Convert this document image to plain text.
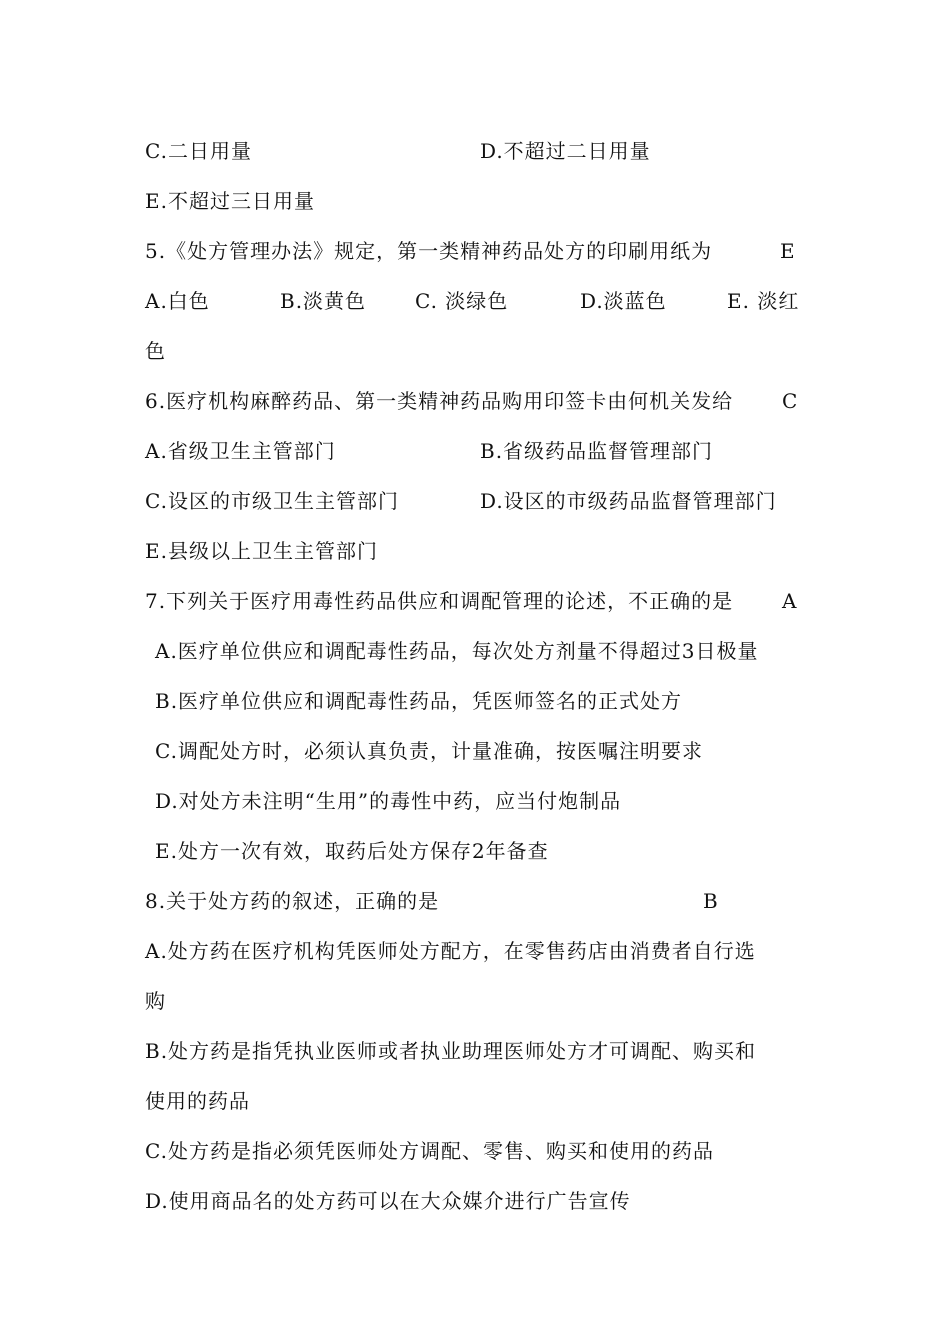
C.二日用量	D.不超过二日用量
E.不超过三日用量
5.《处方管理办法》规定，第一类精神药品处方的印刷用纸为	E
A.白色	B.淡黄色 C. 淡绿色	D.淡蓝色	E. 淡红
色
6.医疗机构麻醉药品、第一类精神药品购用印签卡由何机关发给 C
A.省级卫生主管部门	B.省级药品监督管理部门
C.设区的市级卫生主管部门	D.设区的市级药品监督管理部门
E.县级以上卫生主管部门
7.下列关于医疗用毒性药品供应和调配管理的论述，不正确的是 A
A.医疗单位供应和调配毒性药品，每次处方剂量不得超过3日极量
B.医疗单位供应和调配毒性药品，凭医师签名的正式处方
C.调配处方时，必须认真负责，计量准确，按医嘱注明要求
D.对处方未注明“生用”的毒性中药，应当付炮制品
E.处方一次有效，取药后处方保存2年备查
8.关于处方药的叙述，正确的是	B
A.处方药在医疗机构凭医师处方配方，在零售药店由消费者自行选
购
B.处方药是指凭执业医师或者执业助理医师处方才可调配、购买和
使用的药品
C.处方药是指必须凭医师处方调配、零售、购买和使用的药品
D.使用商品名的处方药可以在大众媒介进行广告宣传
